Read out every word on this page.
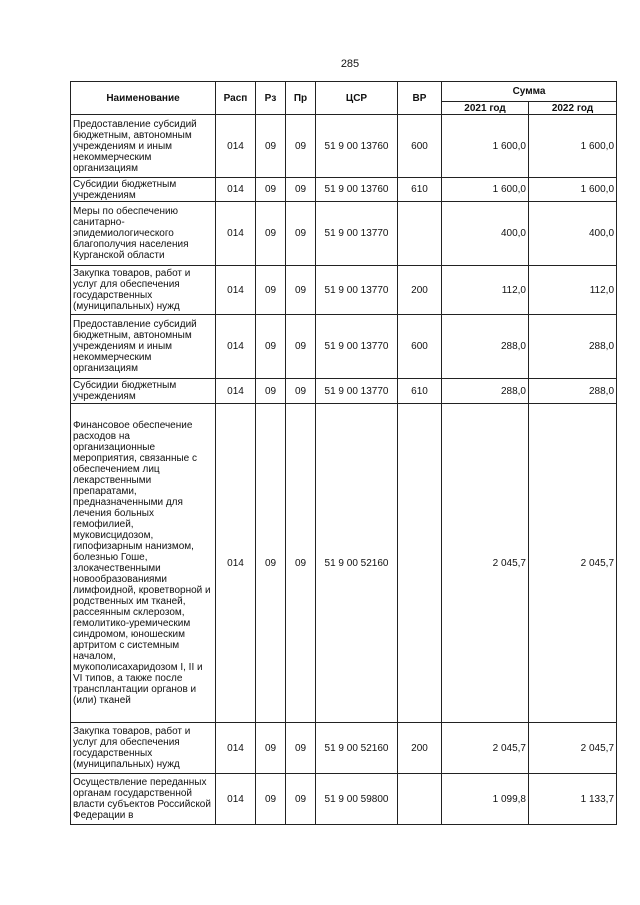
285
Наименование	Расп	Рз	Пр	ЦСР	ВР	Сумма	
						2021 год	2022 год
Предоставление субсидий бюджетным, автономным учреждениям и иным некоммерческим организациям	014	09	09	51 9 00 13760	600	1 600,0	1 600,0
Субсидии бюджетным учреждениям	014	09	09	51 9 00 13760	610	1 600,0	1 600,0
Меры по обеспечению санитарно-эпидемиологического благополучия населения Курганской области	014	09	09	51 9 00 13770		400,0	400,0
Закупка товаров, работ и услуг для обеспечения государственных (муниципальных) нужд	014	09	09	51 9 00 13770	200	112,0	112,0
Предоставление субсидий бюджетным, автономным учреждениям и иным некоммерческим организациям	014	09	09	51 9 00 13770	600	288,0	288,0
Субсидии бюджетным учреждениям	014	09	09	51 9 00 13770	610	288,0	288,0
Финансовое обеспечение расходов на организационные мероприятия, связанные с обеспечением лиц лекарственными препаратами, предназначенными для лечения больных гемофилией, муковисцидозом, гипофизарным нанизмом, болезнью Гоше, злокачественными новообразованиями лимфоидной, кроветворной и родственных им тканей, рассеянным склерозом, гемолитико-уремическим синдромом, юношеским артритом с системным началом, мукополисахаридозом I, II и VI типов, а также после трансплантации органов и (или) тканей	014	09	09	51 9 00 52160		2 045,7	2 045,7
Закупка товаров, работ и услуг для обеспечения государственных (муниципальных) нужд	014	09	09	51 9 00 52160	200	2 045,7	2 045,7
Осуществление переданных органам государственной власти субъектов Российской Федерации в	014	09	09	51 9 00 59800		1 099,8	1 133,7
